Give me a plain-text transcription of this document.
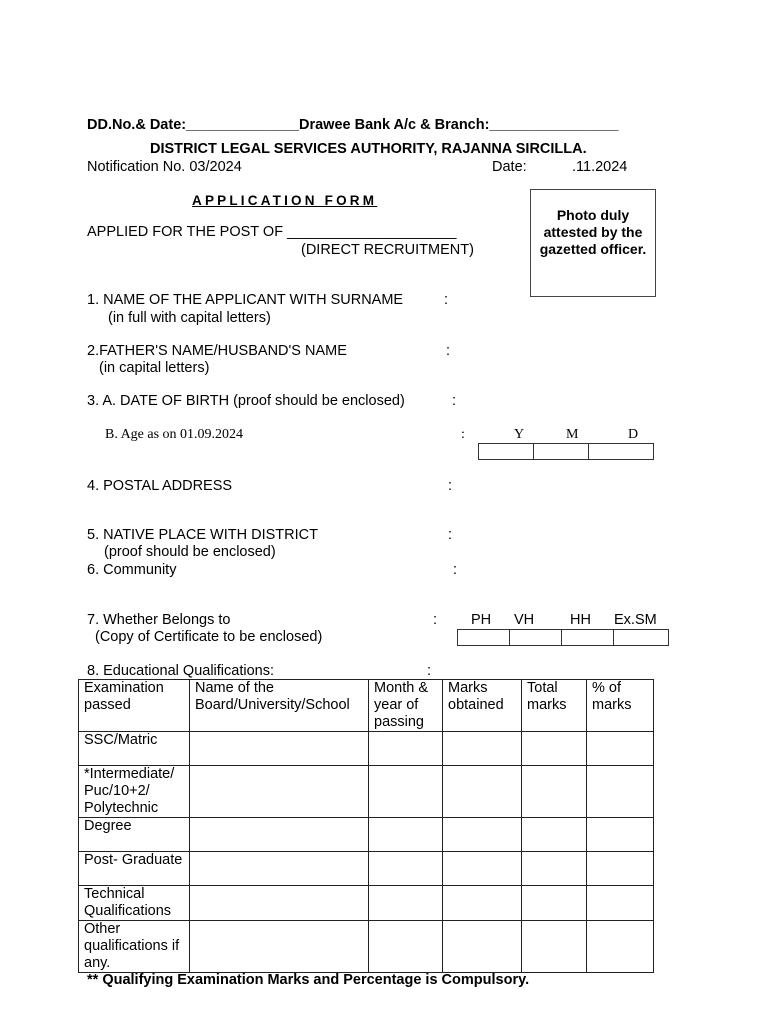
DD.No.& Date:______________Drawee Bank A/c & Branch:________________
DISTRICT LEGAL SERVICES AUTHORITY, RAJANNA SIRCILLA.
Notification No. 03/2024	Date:	.11.2024
APPLICATION FORM
Photo duly attested by the gazetted officer.
APPLIED FOR THE POST OF _____________________
(DIRECT RECRUITMENT)
1. NAME OF THE APPLICANT WITH SURNAME	:
(in full with capital letters)
2.FATHER'S NAME/HUSBAND'S NAME	:
(in capital letters)
3. A. DATE OF BIRTH (proof should be enclosed)	:
B. Age as on 01.09.2024	:	Y	M	D
4. POSTAL ADDRESS	:
5. NATIVE PLACE WITH DISTRICT	:
(proof should be enclosed)
6. Community	:
7. Whether Belongs to	:
(Copy of Certificate to be enclosed)
PH VH HH Ex.SM
8. Educational Qualifications:	:
Examination passed	Name of the Board/University/School	Month & year of passing	Marks obtained	Total marks	% of marks
SSC/Matric					
*Intermediate/ Puc/10+2/ Polytechnic					
Degree					
Post- Graduate					
Technical Qualifications					
Other qualifications if any.					
** Qualifying Examination Marks and Percentage is Compulsory.
